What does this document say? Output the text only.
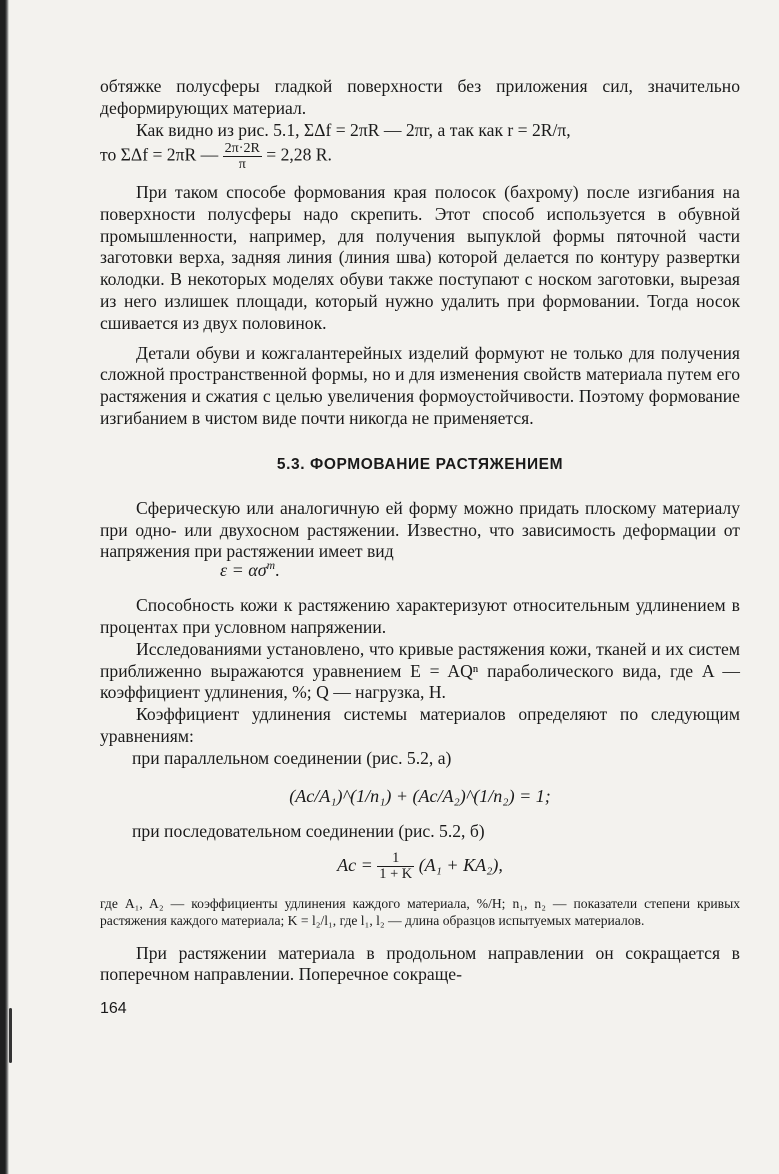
обтяжке полусферы гладкой поверхности без приложения сил, значительно деформирующих материал.

Как видно из рис. 5.1, ΣΔf = 2πR — 2πr, а так как r = 2R/π,

то ΣΔf = 2πR — $\frac{2\pi\cdot 2R}{\pi} = 2,28$ R.

При таком способе формования края полосок (бахрому) после изгибания на поверхности полусферы надо скрепить. Этот способ используется в обувной промышленности, например, для получения выпуклой формы пяточной части заготовки верха, задняя линия (линия шва) которой делается по контуру развертки колодки. В некоторых моделях обуви также поступают с носком заготовки, вырезая из него излишек площади, который нужно удалить при формовании. Тогда носок сшивается из двух половинок.

Детали обуви и кожгалантерейных изделий формуют не только для получения сложной пространственной формы, но и для изменения свойств материала путем его растяжения и сжатия с целью увеличения формоустойчивости. Поэтому формование изгибанием в чистом виде почти никогда не применяется.

5.3. ФОРМОВАНИЕ РАСТЯЖЕНИЕМ

Сферическую или аналогичную ей форму можно придать плоскому материалу при одно- или двухосном растяжении. Известно, что зависимость деформации от напряжения при растяжении имеет вид

$\varepsilon = \alpha\sigma^m$.

Способность кожи к растяжению характеризуют относительным удлинением в процентах при условном напряжении.

Исследованиями установлено, что кривые растяжения кожи, тканей и их систем приближенно выражаются уравнением E = AQⁿ параболического вида, где A — коэффициент удлинения, %; Q — нагрузка, Н.

Коэффициент удлинения системы материалов определяют по следующим уравнениям:

при параллельном соединении (рис. 5.2, а)

(Aс/A₁)^(1/n₁) + (Aс/A₂)^(1/n₂) = 1;

при последовательном соединении (рис. 5.2, б)

Aс = $\frac{1}{1 + K} (A_1 + KA_2)$,

где A₁, A₂ — коэффициенты удлинения каждого материала, %/Н; n₁, n₂ — показатели степени кривых растяжения каждого материала; K = l₂/l₁, где l₁, l₂ — длина образцов испытуемых материалов.

При растяжении материала в продольном направлении он сокращается в поперечном направлении. Поперечное сокраще-

164
